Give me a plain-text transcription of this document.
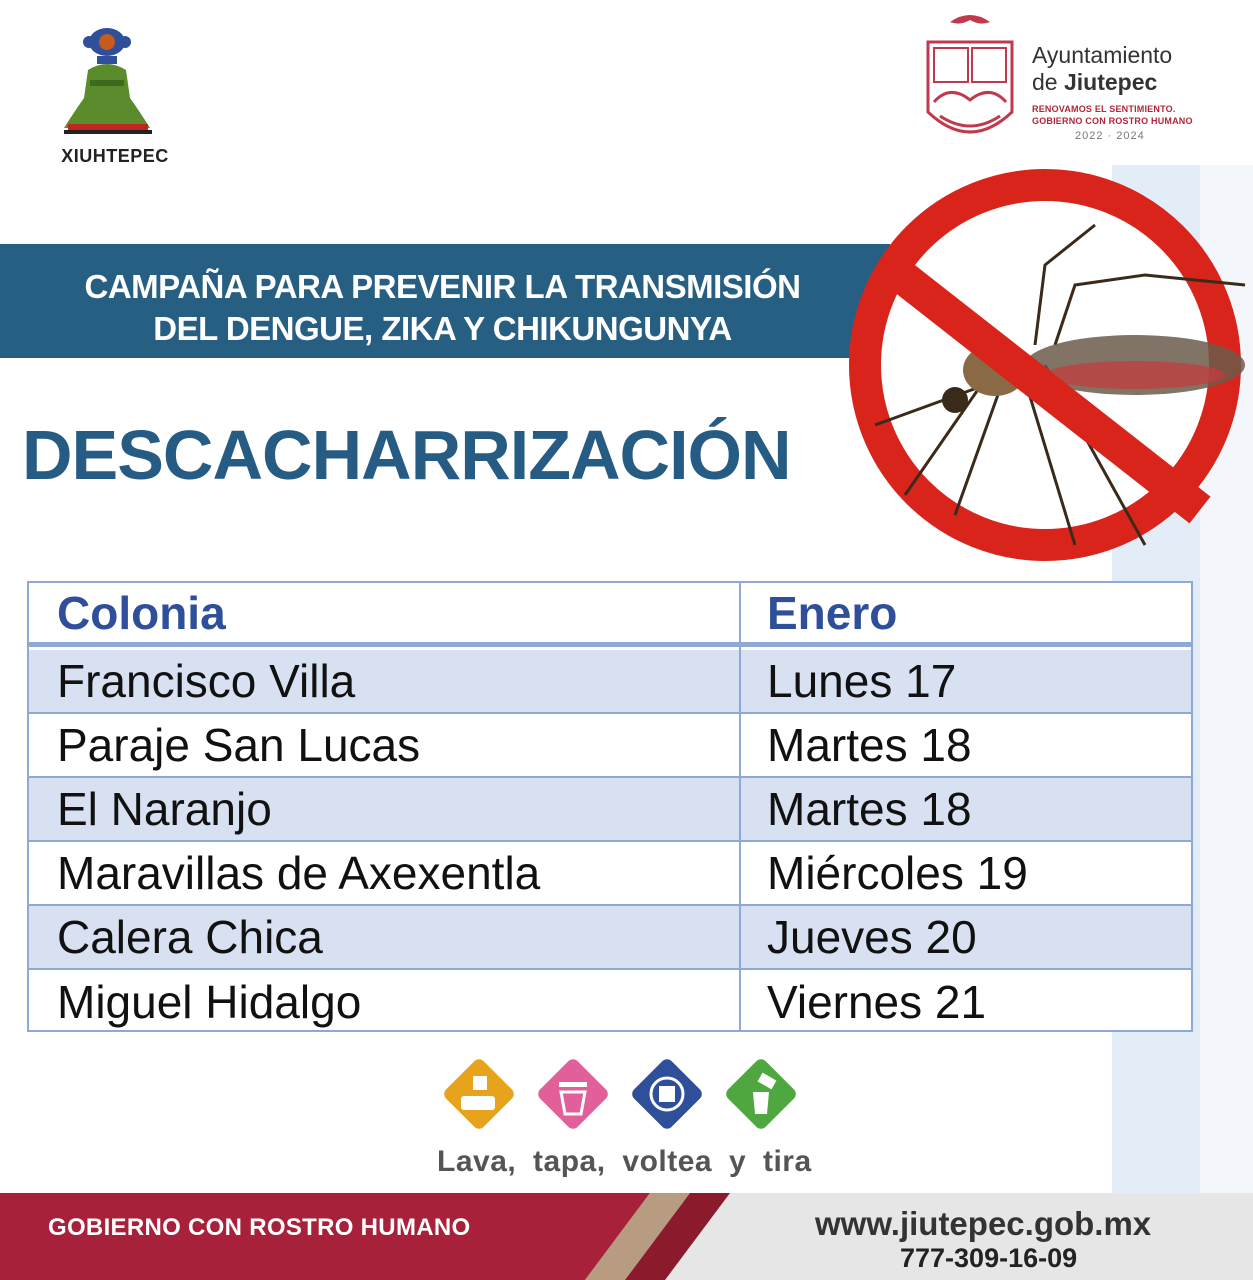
XIUHTEPEC
Ayuntamiento
de Jiutepec
RENOVAMOS EL SENTIMIENTO.
GOBIERNO CON ROSTRO HUMANO
2022 · 2024
CAMPAÑA PARA PREVENIR LA TRANSMISIÓN
DEL DENGUE, ZIKA Y CHIKUNGUNYA
DESCACHARRIZACIÓN
Colonia	Enero
Francisco Villa	Lunes 17
Paraje San Lucas	Martes 18
El Naranjo	Martes 18
Maravillas de Axexentla	Miércoles 19
Calera Chica	Jueves 20
Miguel Hidalgo	Viernes 21
Lava, tapa, voltea y tira
GOBIERNO CON ROSTRO HUMANO	www.jiutepec.gob.mx
777-309-16-09
